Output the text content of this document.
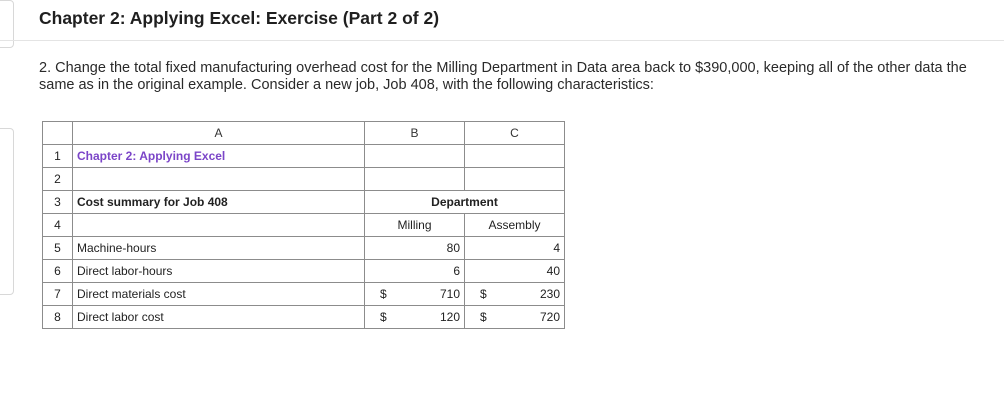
Chapter 2: Applying Excel: Exercise (Part 2 of 2)
2. Change the total fixed manufacturing overhead cost for the Milling Department in Data area back to $390,000, keeping all of the other data the same as in the original example. Consider a new job, Job 408, with the following characteristics:
	A	B	C
1	Chapter 2: Applying Excel		
2			
3	Cost summary for Job 408	Department	
4		Milling	Assembly
5	Machine-hours	80	4
6	Direct labor-hours	6	40
7	Direct materials cost	$ 710	$ 230

8	Direct labor cost	$ 120	$ 720
